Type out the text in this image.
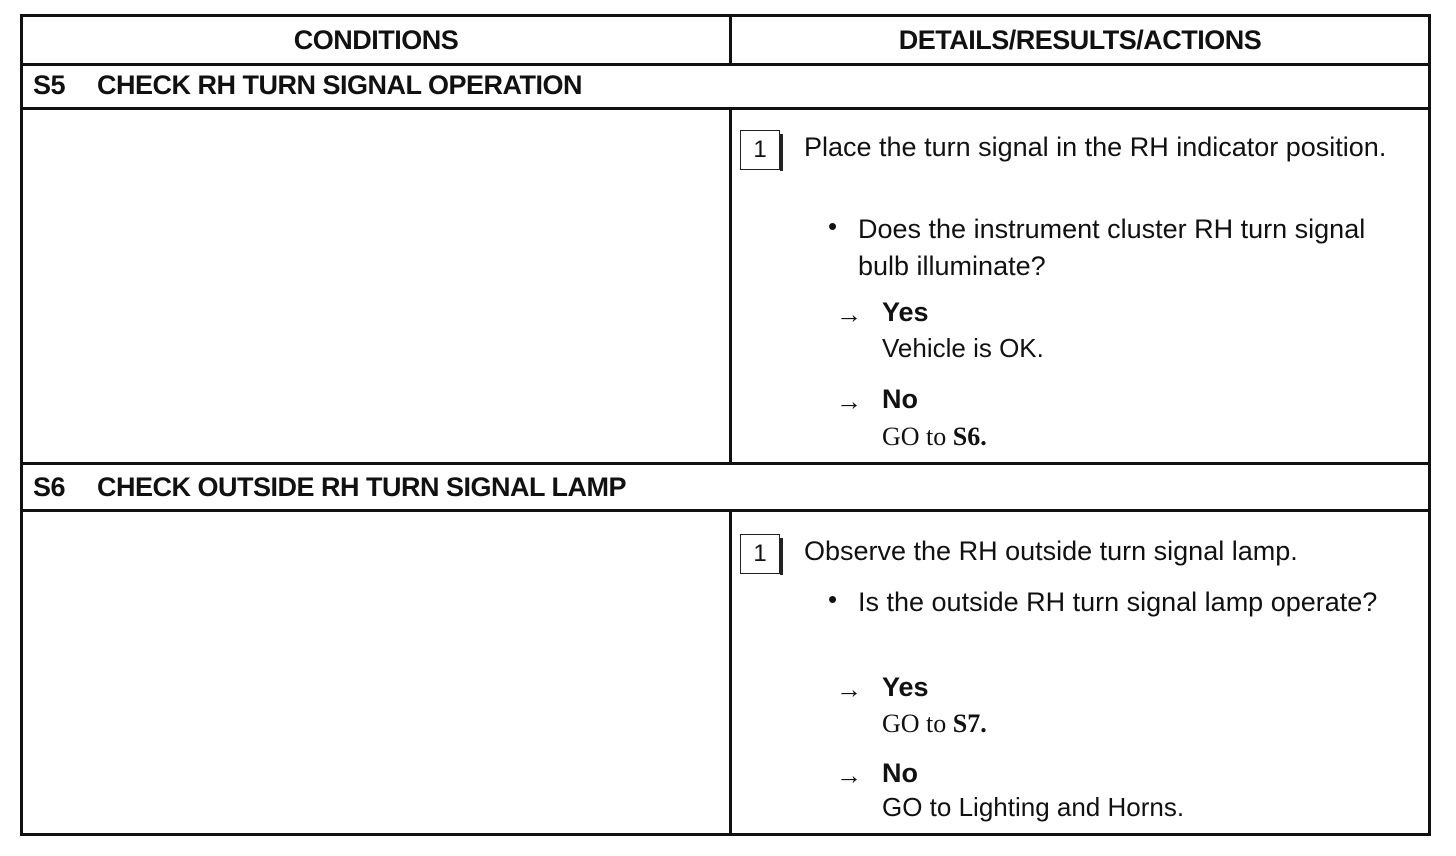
CONDITIONS	DETAILS/RESULTS/ACTIONS
S5	CHECK RH TURN SIGNAL OPERATION
1	Place the turn signal in the RH indicator position.
• Does the instrument cluster RH turn signal bulb illuminate?
→ Yes
Vehicle is OK.
→ No
GO to S6.
S6	CHECK OUTSIDE RH TURN SIGNAL LAMP
1	Observe the RH outside turn signal lamp.
• Is the outside RH turn signal lamp operate?
→ Yes
GO to S7.
→ No
GO to Lighting and Horns.
